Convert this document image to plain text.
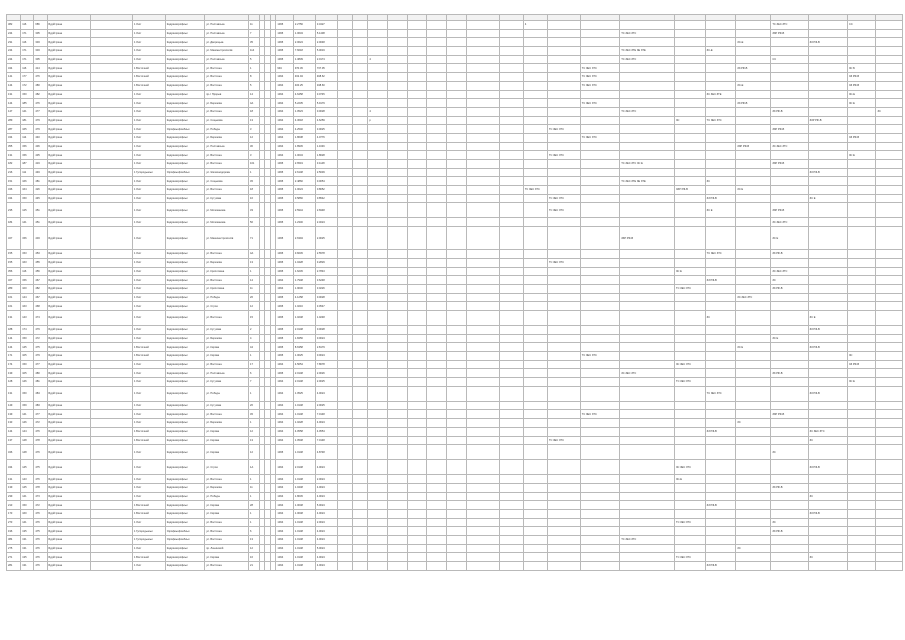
382	116	686	Будій Ірина		1 Укот	Кадриняхрофиьи	ул. Полтавська	11				1395	2.2756	3.4327										4							ТС ЗЕС ЗТС		СС	
244	171	305	Будій Ірина		1 Укот	Кадриняхрофиьи	ул. Полтавська	7				1395	1.0634	5.1438													ТС ЗЕС ЗТС				ЗЗР РФ-В			
231	116	303	Будій Ірина		1 Укот	Кадриняхрофиьи	ул. Дворицька	35				1395	2.0624	2.0048																ЗС-Е		ЗЗ РФ-В		
244	171	303	Будій Ірина		1 Укот	Кадриняхрофиьи	ул. Машінестроителів	114				1395	7.6618	5.0019													ТС ЗЕС ЗТЕ ЗЕ ЗТЕ		ЗС-Е					
244	171	305	Будій Ірина		1 Укот	Кадриняхрофиьи	ул. Полтавська	5				1395	1.3839	2.0174			4										ТС ЗЕС ЗТС				СС			
344	116	414	Будій Ірина		1 Восточний	Кадриняхрофиьи	ул. Восточна	1				994	970.45	737.05												ТС ЗЕС ЗТС				ЗЗ РФ-В			ЗС Б	
141	177	476	Будій Ірина		1 Восточний	Кадриняхрофиьи	ул. Восточна	8				1394	462.94	498.62												ТС ЗЕС ЗТС							ЗЗ РФ-В	
144	172	480	Будій Ірина		1 Восточний	Кадриняхрофиьи	ул. Восточна	5				1394	400.25	348.60												ТС ЗЕС ЗТС				ЗС-Е			ЗЗ РФ-В	
131	150	482	Будій Ірина		1 Укот	Кадриняхрофиьи	пр-т Прорыв	14				1394	4.6458	3.0745															ЗС ЗЕС ЗТЕ				ЗС-Е	
144	185	476	Будій Ірина		1 Укот	Кадриняхрофиьи	ул. Березова	4А				1394	5.2235	5.9179												ТС ЗЕС ЗТС				ЗЗ РФ-В			ЗС Е	
147	141	477	Будій Ірина		1 Укот	Кадриняхрофиьи	ул. Восточна	18				1394	1.0523	0.0028			4										ТС ЗЕС ЗТС				ЗЗ РФ-В			ЗС
289	181	479	Будій Ірина		1 Укот	Кадриняхрофиьи	ул. Соцыкова	13				1394	4.3618	4.6259			р											ЗС	ТС ЗЕС ЗТС			ЗЗР РФ-В		
287	165	479	Будій Ірина		1 Укот	Укрофиьофоябиьи	ул. Победы	3				1394	4.2540	3.0025											ТС ЗЕС ЗТС						ЗЗР РФ-В			
344	114	440	Будій Ірина		1 Укот	Кадриняхрофиьи	ул. Березова	12				1394	1.8638	4.0776												ТС ЗЕС ЗТС							ЗЗ РФ-В	
355	156	436	Будій Ірина		1 Укот	Кадриняхрофиьи	ул. Полтавська	30				1394	1.8945	1.1646																ЗЗР РФ-В	ЗС ЗЕС ЗТС			
131	156	435	Будій Ірина		1 Укот	Кадриняхрофиьи	ул. Восточна	3				1394	1.0043	1.8628											ТС ЗЕС ЗТС								ЗС Е	
182	187	419	Будій Ірина		1 Укот	Кадриняхрофиьи	ул. Восточна	101				1395	2.6519	3.1148													ТС ЗЕС ЗТС ЗС Е				ЗЗР РФ-В			
216	111	449	Будій Ірина		1 Гусородьноьи	Укрофиьофоябиьи	ул. Железнодорожн	1				1395	2.6148	2.5639																		ЗЗ РФ-В		
151	166	481	Будій Ірина		1 Укот	Кадриняхрофиьи	ул. Соцыкова	45				1395	2.4860	0.0054													ТС ЗЕС ЗТЕ ЗЕ ЗТЕ		ЗС					
346	164	426	Будій Ірина		1 Укот	Кадриняхрофиьи	ул. Восточна	18				1395	1.0024	0.8652										ТС ЗЕС ЗТС				ЗЗР РФ-В		ЗС Е				
344	150	445	Будій Ірина		1 Укот	Кадриняхрофиьи	ул. Кутузова	16				1395	3.5866	0.8542											ТС ЗЕС ЗТС				ЗЗ РФ-В			ЗС Е		
235	125	451	Будій Ірина		1 Укот	Кадриняхрофиьи	ул. Молоканова	33				1395	2.5944	2.6948											ТС ЗЕС ЗТС				ЗС Е		ЗЗР РФ-В			
184	141	451	Будій Ірина		1 Укот	Кадриняхрофиьи	ул. Молоканова	56				1395	1.2346	2.4624																	ЗС ЗЕС ЗТС			
327	156	403	Будій Ірина		1 Укот	Кадриняхрофиьи	ул. Машинестроителів	71				1395	2.6394	2.0025													ЗЗР РФ-В				ЗС Е			
155	153	453	Будій Ірина		1 Укот	Кадриняхрофиьи	ул. Восточна	4А				1395	3.8245	2.5578															ТС ЗЕС ЗТС		ЗЗ РФ-В			
155	163	455	Будій Ірина		1 Укот	Кадриняхрофиьи	ул. Березова	13				1395	1.0428	3.2829											ТС ЗЕС ЗТС									
356	116	456	Будій Ірина		1 Укот	Кадриняхрофиьи	ул. Кропоткина	1				1395	1.6245	2.7843														ЗС Е			ЗС ЗЕС ЗТС			
327	156	467	Будій Ірина		1 Укот	Кадриняхрофиьи	ул. Восточна	14				1394	1.7948	3.6248															ЗЗ РФ-В		ЗС			
289	100	482	Будій Ірина		1 Укот	Кадриняхрофиьи	ул. Кропоткина	11				1394	1.9046	3.0226														ТС ЗЕС ЗТС			ЗЗ РФ-В			
161	144	467	Будій Ірина		1 Укот	Кадриняхрофиьи	ул. Победы	26				1395	4.1258	0.0028																ЗС ЗЕС ЗТС				
161	163	468	Будій Ірина		1 Укот	Кадриняхрофиьи	ул. Строя	12				1395	1.0216	3.0547																				
131	143	474	Будій Ірина		1 Укот	Кадриняхрофиьи	ул. Восточна	15				1395	1.0248	1.0248															ЗС			ЗС Е		
188	174	479	Будій Ірина		1 Укот	Кадриняхрофиьи	ул. Кутузова	2				1395	2.0148	0.0028																		ЗЗ РФ-В		
144	150	472	Будій Ірина		1 Укот	Кадриняхрофиьи	ул. Березова	4				1395	1.8456	0.0024																	ЗС Е			
144	145	475	Будій Ірина		1 Восточний	Кадриняхрофиьи	ул. Кирова	44				1395	8.6358	2.8179																ЗС Е		ЗЗ РФ-В		
171	105	479	Будій Ірина		1 Восточний	Кадриняхрофиьи	ул. Кирова	1				1395	1.0025	0.0024												ТС ЗЕС ЗТС							ЗС	
174	150	477	Будій Ірина		1 Укот	Кадриняхрофиьи	ул. Восточна	17				1394	4.5654	7.8678														ЗС ЗЕС ЗТС					ЗЗ РФ-В	
139	105	480	Будій Ірина		1 Укот	Кадриняхрофиьи	ул. Полтавська	6				1395	2.0148	2.0026													ЗС ЗЕС ЗТС				ЗЗ РФ-В			
128	146	481	Будій Ірина		1 Укот	Кадриняхрофиьи	ул. Кутузова	7				1394	2.0148	2.0025														ТС ЗЕС ЗТС					ЗС Е	
131	150	484	Будій Ірина		1 Укот	Кадриняхрофиьи	ул. Победы	1				1394	1.0525	4.0024															ТС ЗЕС ЗТС			ЗЗ РФ-В		
149	159	483	Будій Ірина		1 Укот	Кадриняхрофиьи	ул. Кутузова	26				1394	1.0148	2.0025																				
139	141	477	Будій Ірина		1 Укот	Кадриняхрофиьи	ул. Восточна	45				1394	1.0148	7.0148												ТС ЗЕС ЗТС					ЗЗР РФ-В			
133	146	472	Будій Ірина		1 Укот	Кадриняхрофиьи	ул. Березова	1				1394	1.0228	4.0024																ЗС				
144	144	476	Будій Ірина		1 Восточний	Кадриняхрофиьи	ул. Кирова	12				1394	4.0558	4.0554															ЗЗ РФ-В			ЗС ЗЕС ЗТС		
137	148	478	Будій Ірина		1 Восточний	Кадриняхрофиьи	ул. Кирова	13				1394	1.0548	7.0148											ТС ЗЕС ЗТС							ЗС		
346	148	476	Будій Ірина		1 Укот	Кадриняхрофиьи	ул. Кирова	12				1395	1.0148	4.8748																	ЗС			
344	145	475	Будій Ірина		1 Укот	Кадриняхрофиьи	ул. Строя	1А				1394	2.0148	4.0024														ЗС ЗЕС ЗТС				ЗЗ РФ-В		
131	143	476	Будій Ірина		1 Укот	Кадриняхрофиьи	ул. Восточна	1				1394	1.0148	2.0024														ЗС-Е						
139	145	478	Будій Ірина		1 Укот	Кадриняхрофиьи	ул. Березова	11				1394	1.0448	4.0024																	ЗЗ РФ-В			
239	141	473	Будій Ірина		1 Укот	Кадриняхрофиьи	ул. Победы	1				1394	1.8045	4.0024																		ЗС		
213	150	472	Будій Ірина		1 Восточний	Кадриняхрофиьи	ул. Кирова	28				1394	1.0048	5.0024															ЗЗ РФ-В					
173	160	476	Будій Ірина		1 Восточний	Кадриняхрофиьи	ул. Кирова	1				1394	1.0048	4.0024																		ЗЗ РФ-В		
273	141	476	Будій Ірина		1 Укот	Кадриняхрофиьи	ул. Восточна	1				1394	1.0148	2.0024														ТС ЗЕС ЗТС			ЗС			
196	135	475	Будій Ірина		1 Гусородьноьи	Укрофиьофоябиьи	ул. Восточна	6				1394	1.0148	4.0024																	ЗЗ РФ-В			
384	131	476	Будій Ірина		1 Гусородьноьи	Укрофиьофоябиьи	ул. Восточна	13				1394	1.0148	4.0024													ТС ЗЕС ЗТС							
275	131	476	Будій Ірина		1 Укот	Кадриняхрофиьи	пр. Ленинский	12				1394	1.0148	5.0024																ЗС				
271	135	476	Будій Ірина		1 Восточний	Кадриняхрофиьи	ул. Кирова	16				1394	1.0148	4.0024														ТС ЗЕС ЗТС				ЗС		
281	131	476	Будій Ірина		1 Укот	Кадриняхрофиьи	ул. Восточна	21				1394	1.0148	4.0024															ЗЗ РФ-В					
